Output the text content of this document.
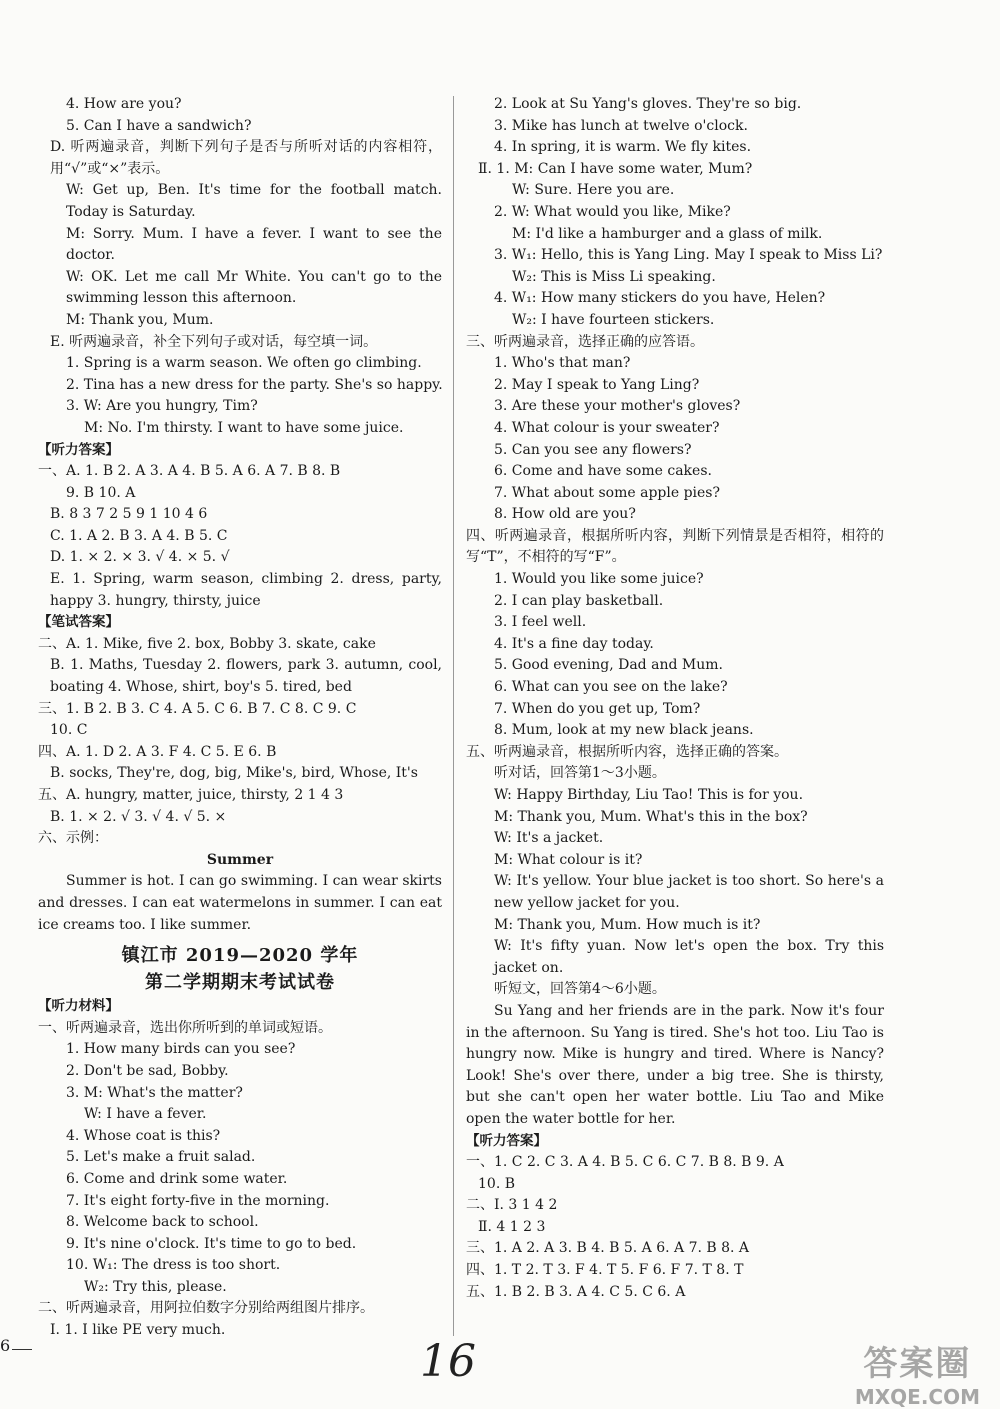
4. How are you?
5. Can I have a sandwich?
D. 听两遍录音，判断下列句子是否与所听对话的内容相符，用“√”或“×”表示。
W: Get up, Ben. It's time for the football match. Today is Saturday.
M: Sorry. Mum. I have a fever. I want to see the doctor.
W: OK. Let me call Mr White. You can't go to the swimming lesson this afternoon.
M: Thank you, Mum.
E. 听两遍录音，补全下列句子或对话，每空填一词。
1. Spring is a warm season. We often go climbing.
2. Tina has a new dress for the party. She's so happy.
3. W: Are you hungry, Tim?
M: No. I'm thirsty. I want to have some juice.
【听力答案】
一、A. 1. B 2. A 3. A 4. B 5. A 6. A 7. B 8. B
9. B 10. A
B. 8 3 7 2 5 9 1 10 4 6
C. 1. A 2. B 3. A 4. B 5. C
D. 1. × 2. × 3. √ 4. × 5. √
E. 1. Spring, warm season, climbing 2. dress, party, happy 3. hungry, thirsty, juice
【笔试答案】
二、A. 1. Mike, five 2. box, Bobby 3. skate, cake
B. 1. Maths, Tuesday 2. flowers, park 3. autumn, cool, boating 4. Whose, shirt, boy's 5. tired, bed
三、1. B 2. B 3. C 4. A 5. C 6. B 7. C 8. C 9. C
10. C
四、A. 1. D 2. A 3. F 4. C 5. E 6. B
B. socks, They're, dog, big, Mike's, bird, Whose, It's
五、A. hungry, matter, juice, thirsty, 2 1 4 3
B. 1. × 2. √ 3. √ 4. √ 5. ×
六、示例：
Summer
Summer is hot. I can go swimming. I can wear skirts and dresses. I can eat watermelons in summer. I can eat ice creams too. I like summer.
镇江市 2019—2020 学年
第二学期期末考试试卷
【听力材料】
一、听两遍录音，选出你所听到的单词或短语。
1. How many birds can you see?
2. Don't be sad, Bobby.
3. M: What's the matter?
W: I have a fever.
4. Whose coat is this?
5. Let's make a fruit salad.
6. Come and drink some water.
7. It's eight forty-five in the morning.
8. Welcome back to school.
9. It's nine o'clock. It's time to go to bed.
10. W₁: The dress is too short.
W₂: Try this, please.
二、听两遍录音，用阿拉伯数字分别给两组图片排序。
Ⅰ. 1. I like PE very much.
2. Look at Su Yang's gloves. They're so big.
3. Mike has lunch at twelve o'clock.
4. In spring, it is warm. We fly kites.
Ⅱ. 1. M: Can I have some water, Mum?
W: Sure. Here you are.
2. W: What would you like, Mike?
M: I'd like a hamburger and a glass of milk.
3. W₁: Hello, this is Yang Ling. May I speak to Miss Li?
W₂: This is Miss Li speaking.
4. W₁: How many stickers do you have, Helen?
W₂: I have fourteen stickers.
三、听两遍录音，选择正确的应答语。
1. Who's that man?
2. May I speak to Yang Ling?
3. Are these your mother's gloves?
4. What colour is your sweater?
5. Can you see any flowers?
6. Come and have some cakes.
7. What about some apple pies?
8. How old are you?
四、听两遍录音，根据所听内容，判断下列情景是否相符，相符的写“T”，不相符的写“F”。
1. Would you like some juice?
2. I can play basketball.
3. I feel well.
4. It's a fine day today.
5. Good evening, Dad and Mum.
6. What can you see on the lake?
7. When do you get up, Tom?
8. Mum, look at my new black jeans.
五、听两遍录音，根据所听内容，选择正确的答案。
听对话，回答第1～3小题。
W: Happy Birthday, Liu Tao! This is for you.
M: Thank you, Mum. What's this in the box?
W: It's a jacket.
M: What colour is it?
W: It's yellow. Your blue jacket is too short. So here's a new yellow jacket for you.
M: Thank you, Mum. How much is it?
W: It's fifty yuan. Now let's open the box. Try this jacket on.
听短文，回答第4～6小题。
Su Yang and her friends are in the park. Now it's four in the afternoon. Su Yang is tired. She's hot too. Liu Tao is hungry now. Mike is hungry and tired. Where is Nancy? Look! She's over there, under a big tree. She is thirsty, but she can't open her water bottle. Liu Tao and Mike open the water bottle for her.
【听力答案】
一、1. C 2. C 3. A 4. B 5. C 6. C 7. B 8. B 9. A
10. B
二、Ⅰ. 3 1 4 2
Ⅱ. 4 1 2 3
三、1. A 2. A 3. B 4. B 5. A 6. A 7. B 8. A
四、1. T 2. T 3. F 4. T 5. F 6. F 7. T 8. T
五、1. B 2. B 3. A 4. C 5. C 6. A
6	16	答案圈
MXQE.COM
